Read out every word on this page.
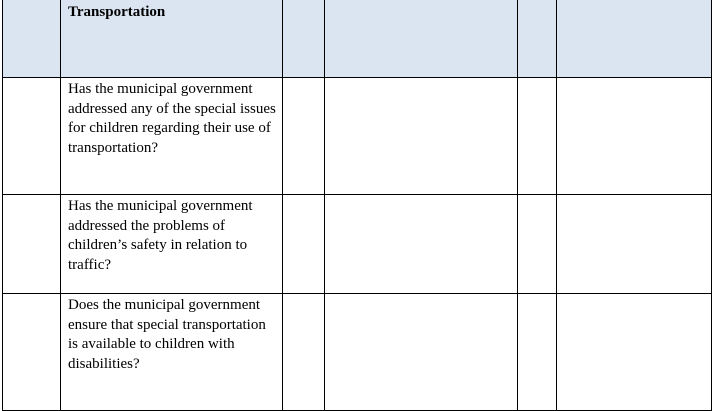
	Transportation				
	Has the municipal government addressed any of the special issues for children regarding their use of transportation?				
	Has the municipal government addressed the problems of children’s safety in relation to traffic?				
	Does the municipal government ensure that special transportation is available to children with disabilities?				
